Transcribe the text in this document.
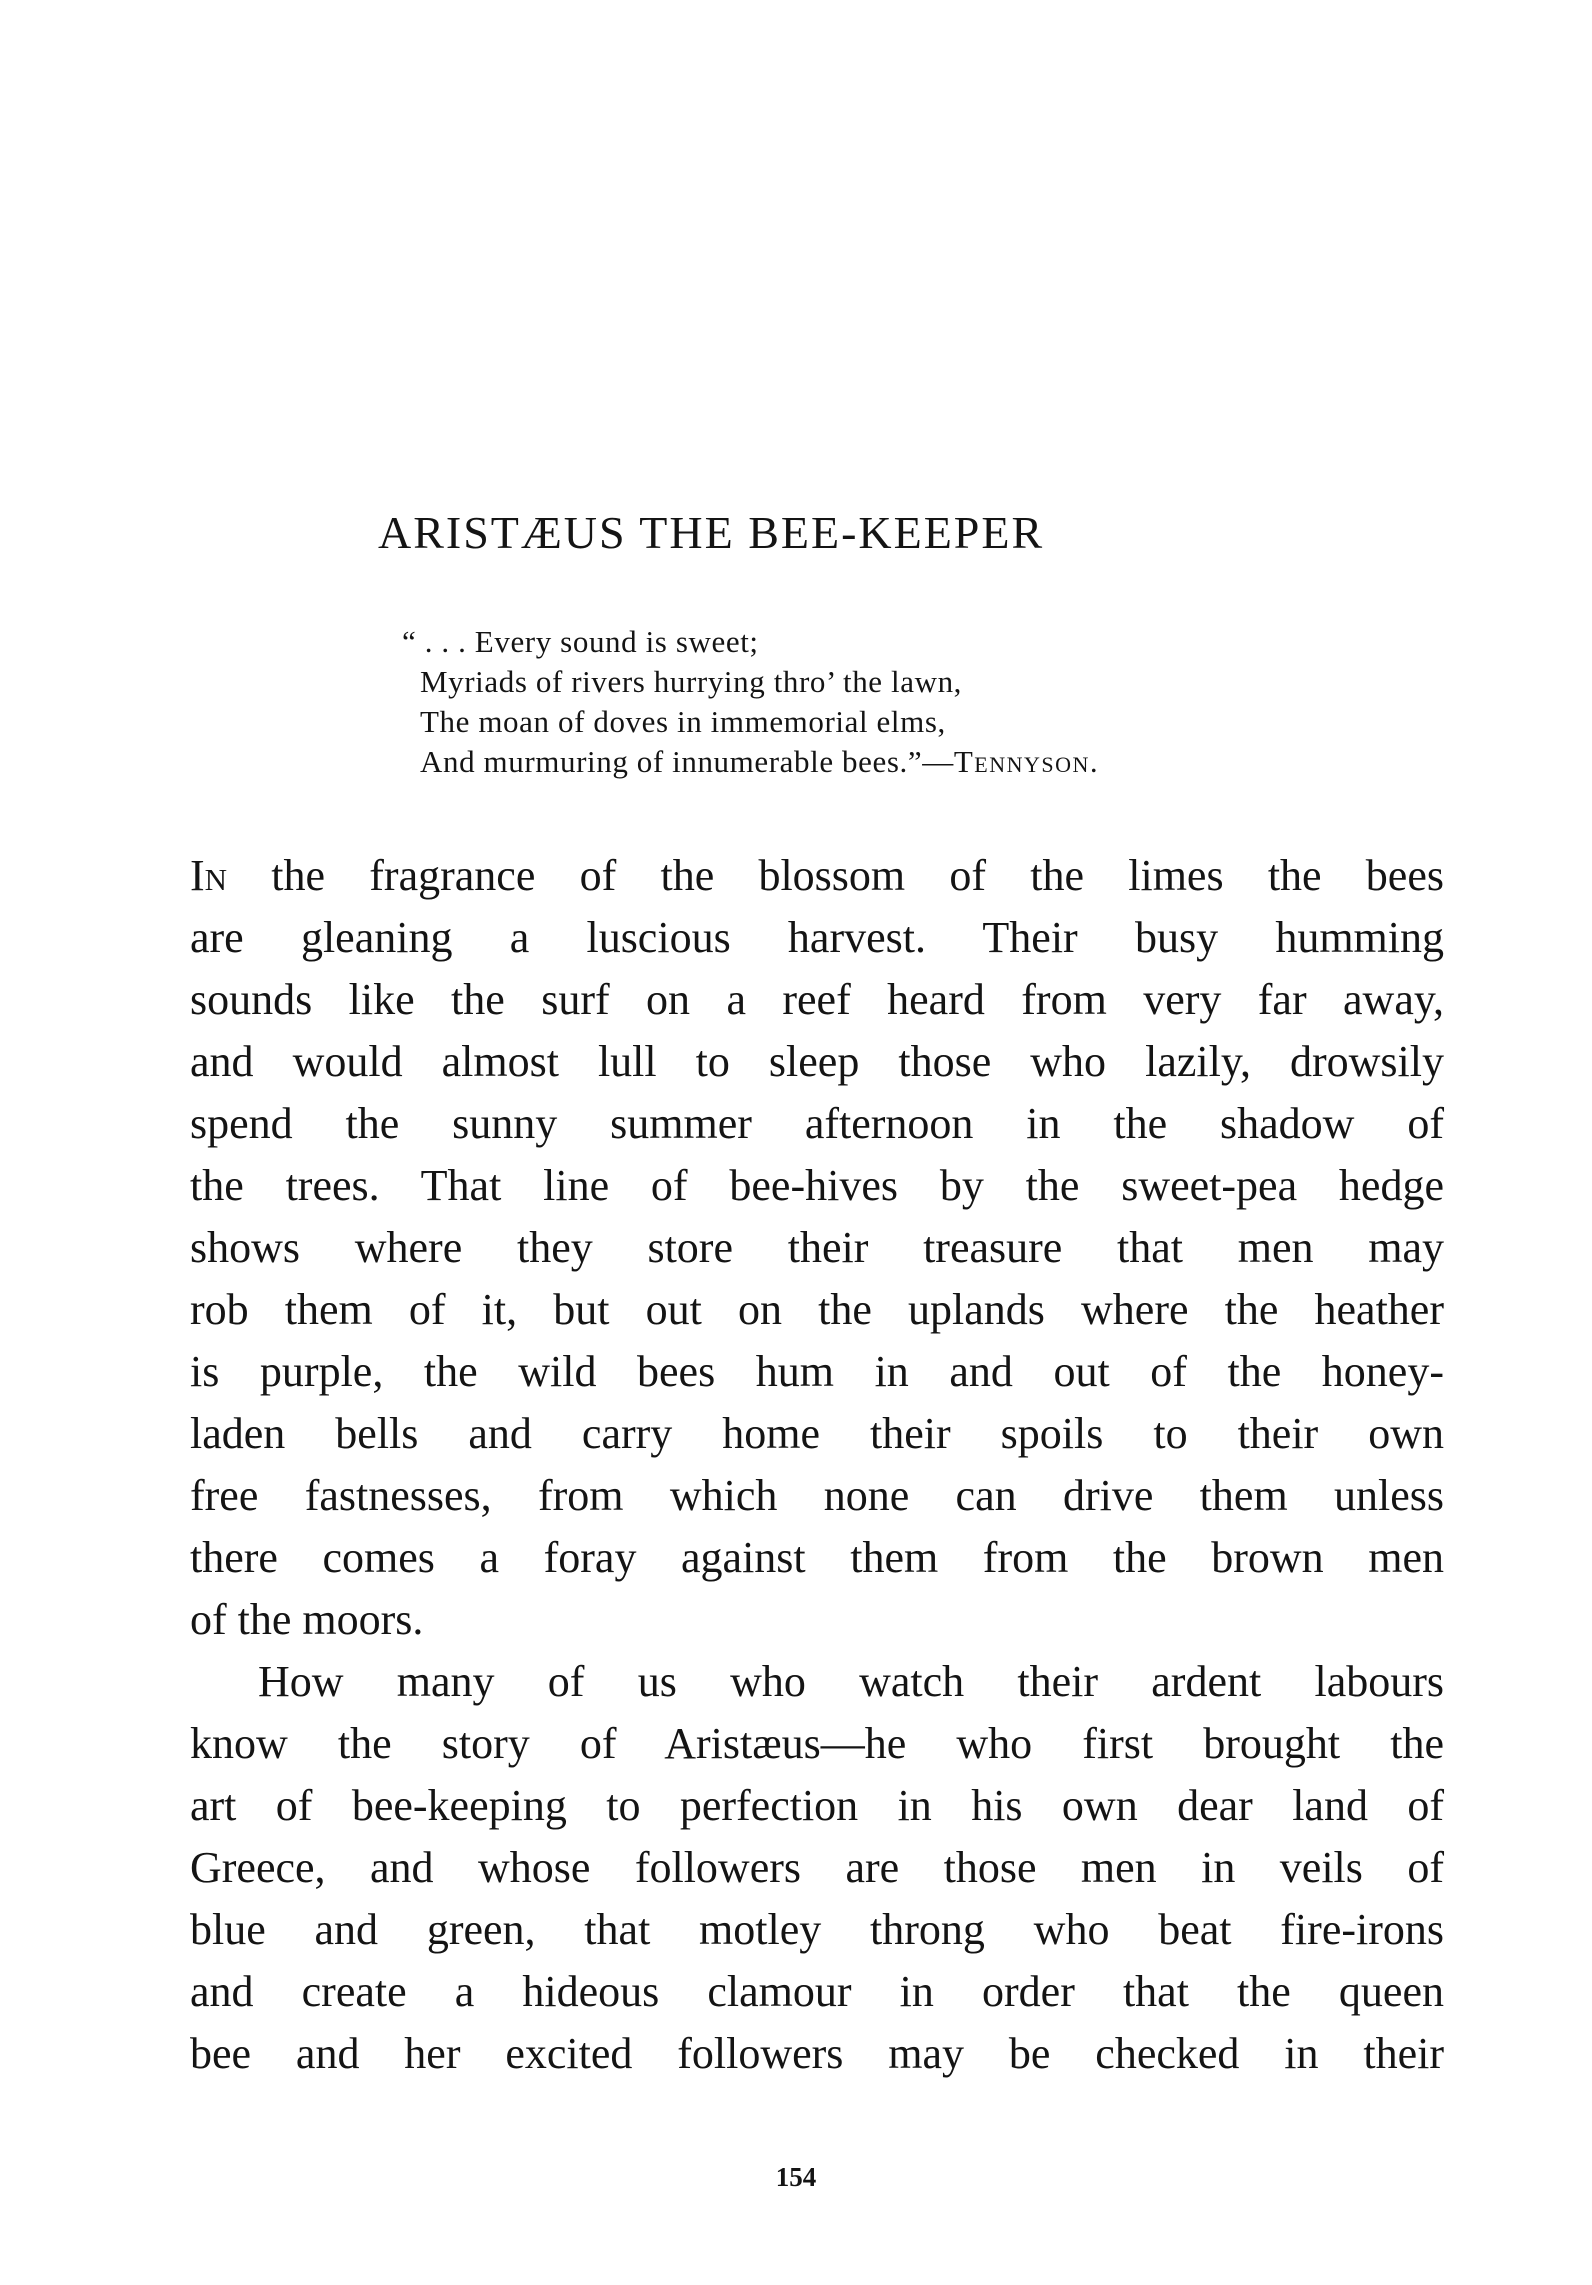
ARISTÆUS THE BEE-KEEPER
“ . . . Every sound is sweet;
Myriads of rivers hurrying thro’ the lawn,
The moan of doves in immemorial elms,
And murmuring of innumerable bees.”—Tennyson.
In the fragrance of the blossom of the limes the bees
are gleaning a luscious harvest. Their busy humming
sounds like the surf on a reef heard from very far away,
and would almost lull to sleep those who lazily, drowsily
spend the sunny summer afternoon in the shadow of
the trees. That line of bee-hives by the sweet-pea hedge
shows where they store their treasure that men may
rob them of it, but out on the uplands where the heather
is purple, the wild bees hum in and out of the honey-
laden bells and carry home their spoils to their own
free fastnesses, from which none can drive them unless
there comes a foray against them from the brown men
of the moors.
How many of us who watch their ardent labours
know the story of Aristæus—he who first brought the
art of bee-keeping to perfection in his own dear land of
Greece, and whose followers are those men in veils of
blue and green, that motley throng who beat fire-irons
and create a hideous clamour in order that the queen
bee and her excited followers may be checked in their
154
